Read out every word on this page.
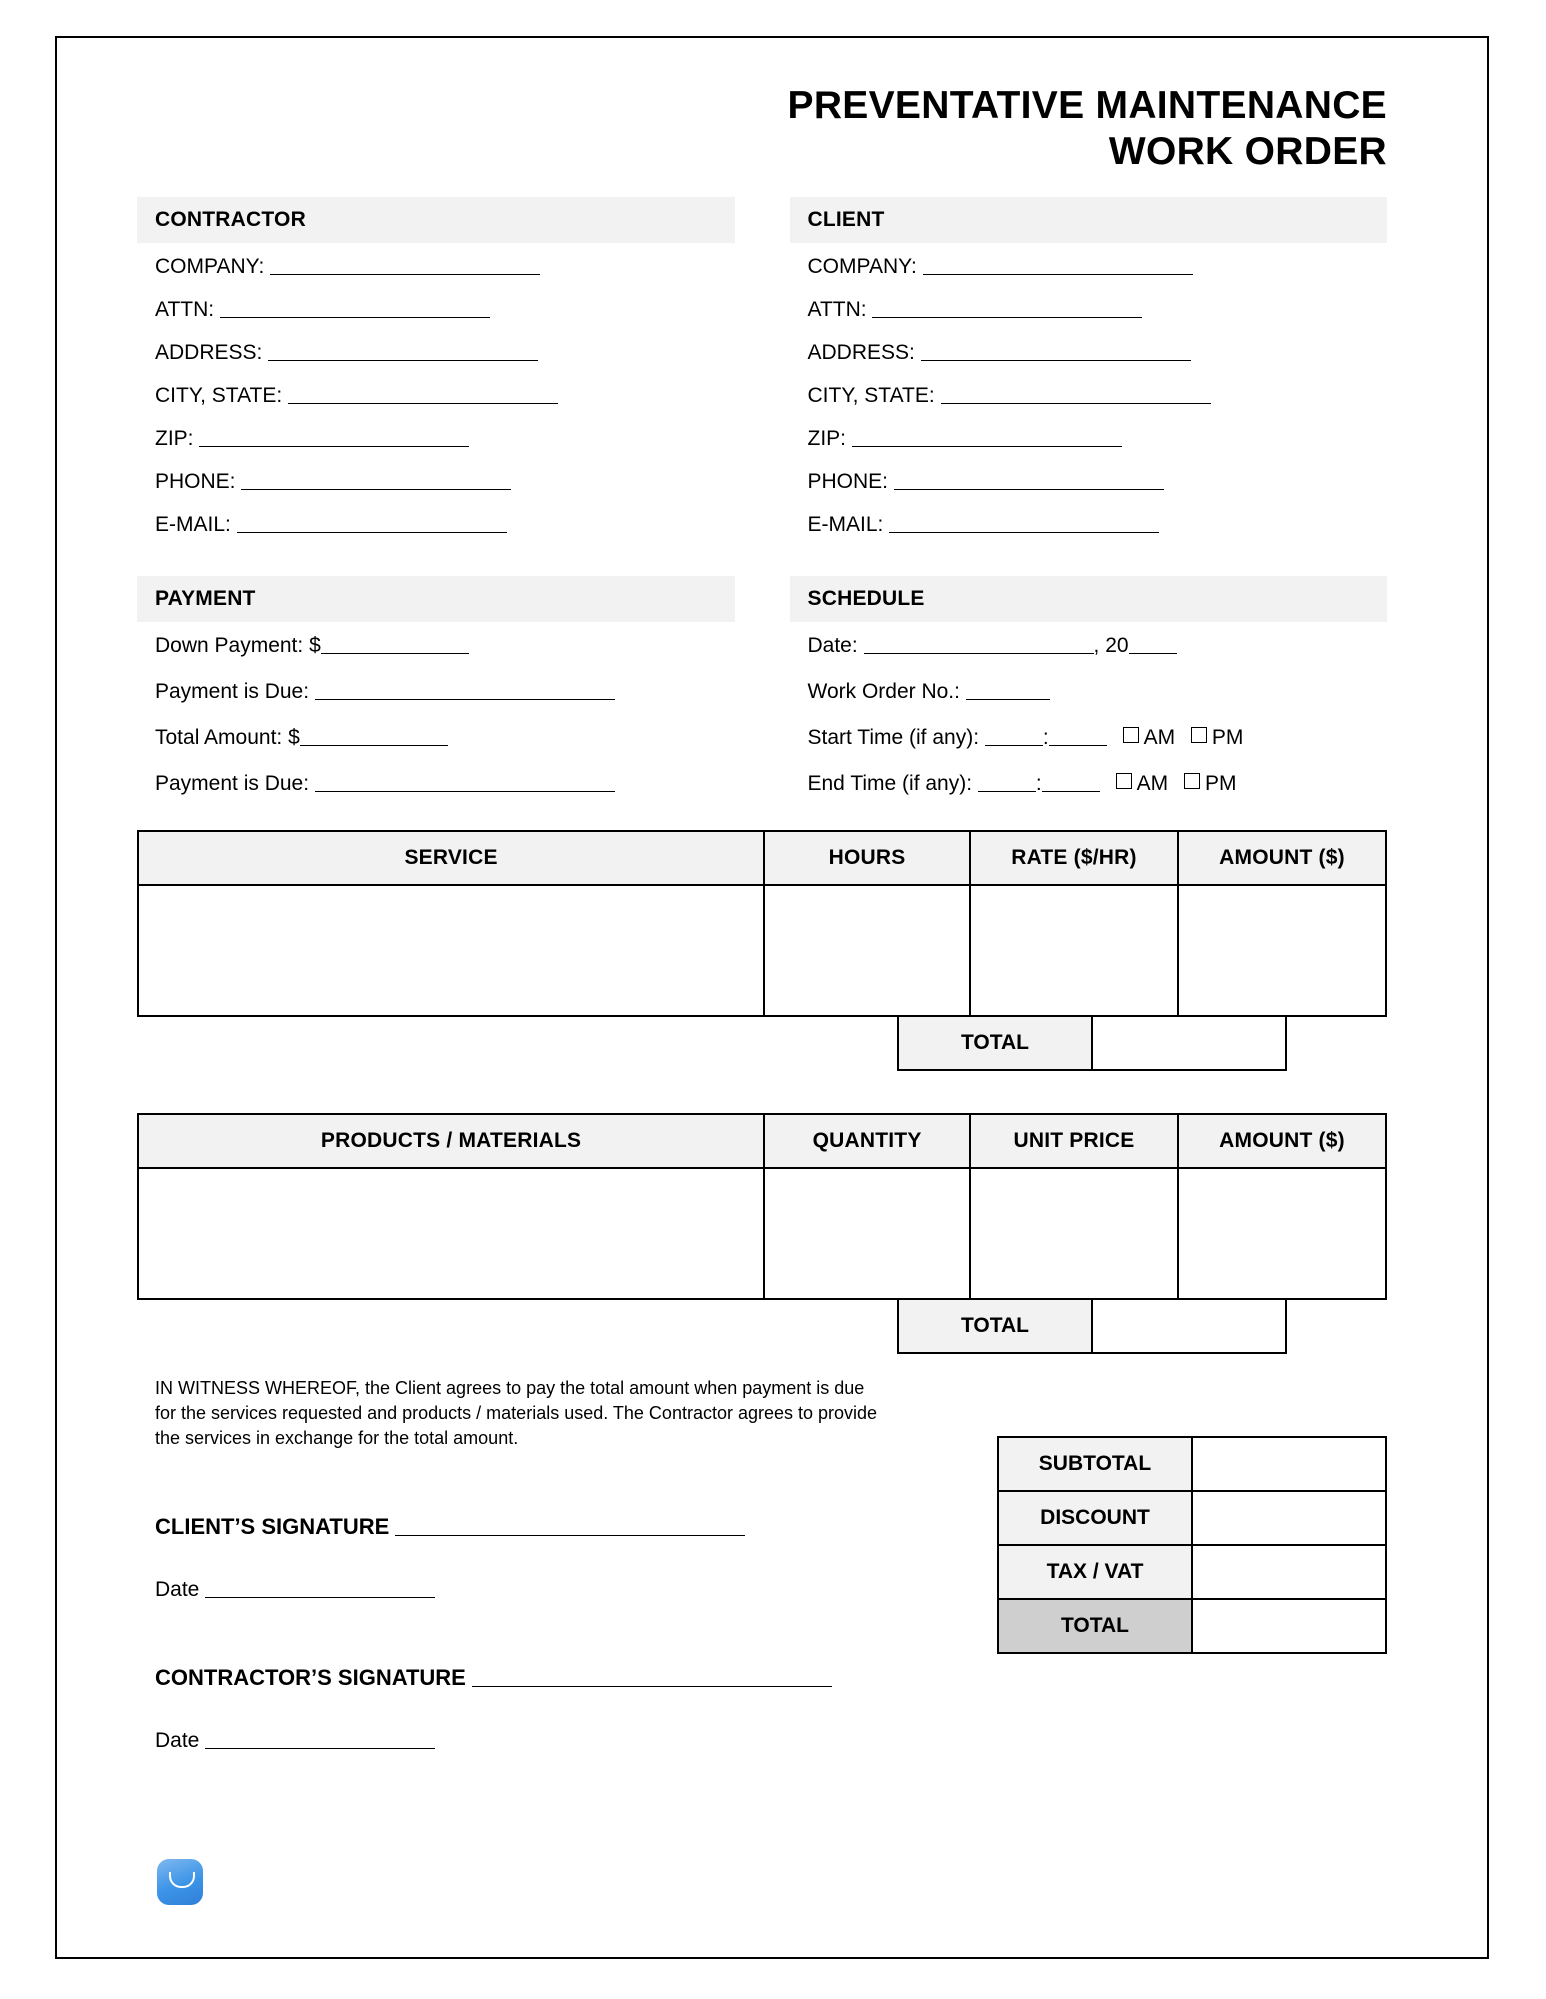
PREVENTATIVE MAINTENANCE
WORK ORDER
CONTRACTOR
COMPANY:
ATTN:
ADDRESS:
CITY, STATE:
ZIP:
PHONE:
E-MAIL:
CLIENT
COMPANY:
ATTN:
ADDRESS:
CITY, STATE:
ZIP:
PHONE:
E-MAIL:
PAYMENT
Down Payment: $
Payment is Due:
Total Amount: $
Payment is Due:
SCHEDULE
Date:	, 20
Work Order No.:
Start Time (if any):	:	AM PM
End Time (if any):	:	AM PM
SERVICE	HOURS	RATE ($/HR)	AMOUNT ($)

TOTAL	
PRODUCTS / MATERIALS	QUANTITY	UNIT PRICE	AMOUNT ($)

TOTAL	
IN WITNESS WHEREOF, the Client agrees to pay the total amount when payment is due for the services requested and products / materials used. The Contractor agrees to provide the services in exchange for the total amount.
CLIENT’S SIGNATURE
Date
CONTRACTOR’S SIGNATURE
Date
SUBTOTAL	
DISCOUNT	
TAX / VAT	
TOTAL	
